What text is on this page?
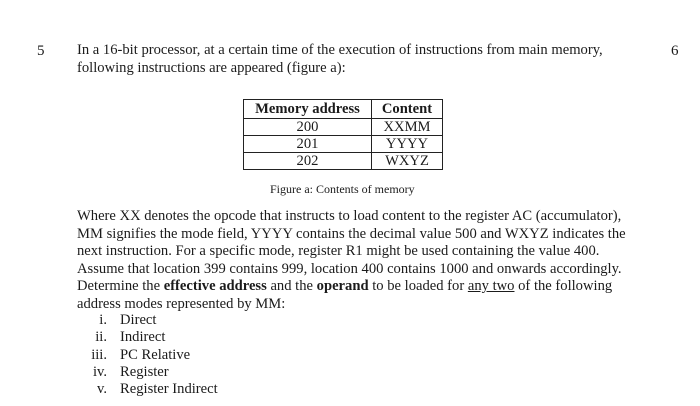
5	6
In a 16-bit processor, at a certain time of the execution of instructions from main memory,
following instructions are appeared (figure a):
Memory address	Content
200	XXMM
201	YYYY
202	WXYZ
Figure a: Contents of memory
Where XX denotes the opcode that instructs to load content to the register AC (accumulator),
MM signifies the mode field, YYYY contains the decimal value 500 and WXYZ indicates the
next instruction. For a specific mode, register R1 might be used containing the value 400.
Assume that location 399 contains 999, location 400 contains 1000 and onwards accordingly.
Determine the effective address and the operand to be loaded for any two of the following
address modes represented by MM:
i. Direct
ii. Indirect
iii. PC Relative
iv. Register
v. Register Indirect
